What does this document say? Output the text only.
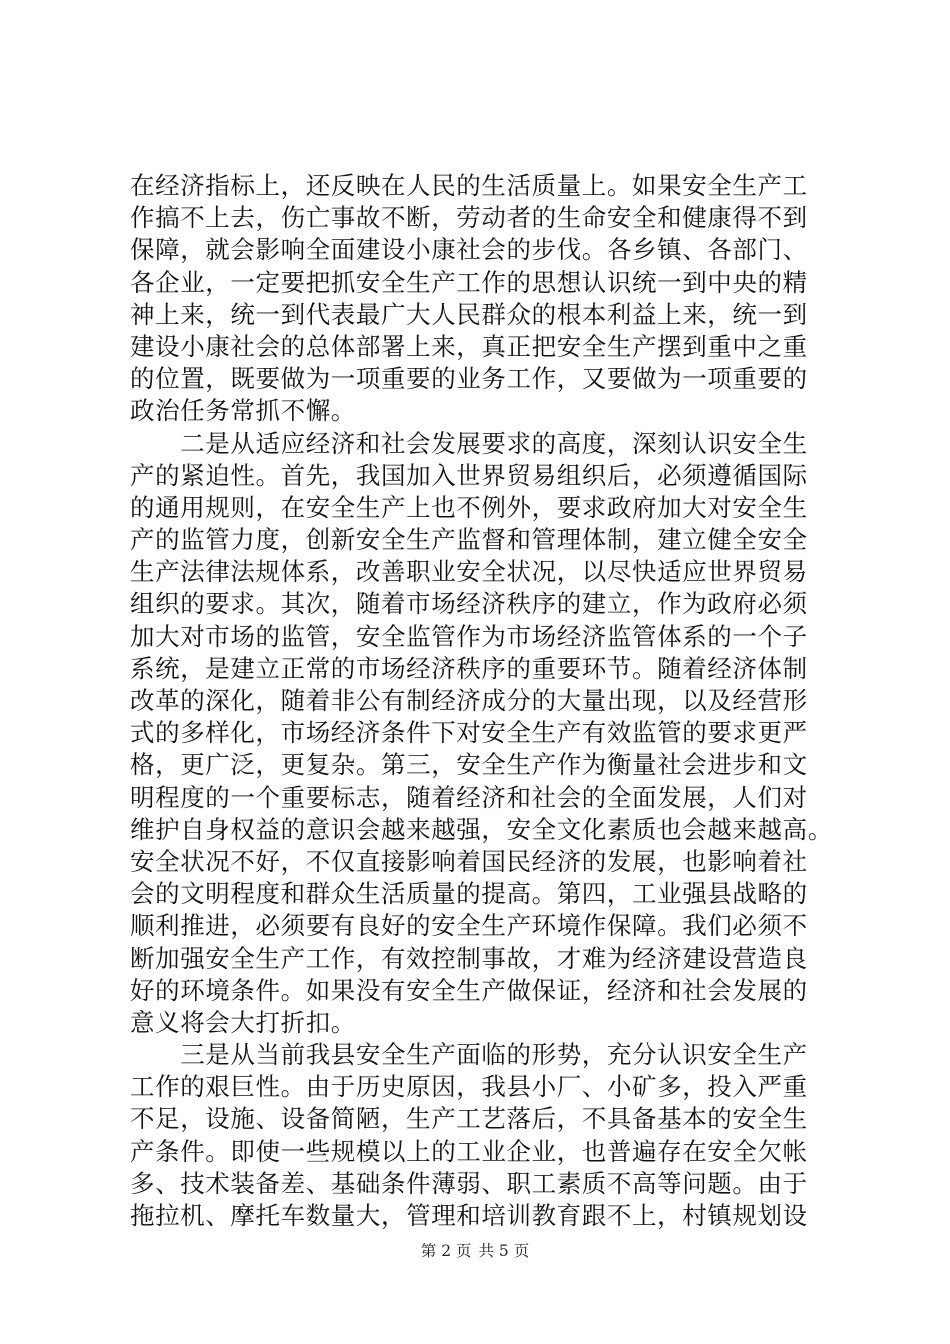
在经济指标上，还反映在人民的生活质量上。如果安全生产工
作搞不上去，伤亡事故不断，劳动者的生命安全和健康得不到
保障，就会影响全面建设小康社会的步伐。各乡镇、各部门、
各企业，一定要把抓安全生产工作的思想认识统一到中央的精
神上来，统一到代表最广大人民群众的根本利益上来，统一到
建设小康社会的总体部署上来，真正把安全生产摆到重中之重
的位置，既要做为一项重要的业务工作，又要做为一项重要的
政治任务常抓不懈。
　　二是从适应经济和社会发展要求的高度，深刻认识安全生
产的紧迫性。首先，我国加入世界贸易组织后，必须遵循国际
的通用规则，在安全生产上也不例外，要求政府加大对安全生
产的监管力度，创新安全生产监督和管理体制，建立健全安全
生产法律法规体系，改善职业安全状况，以尽快适应世界贸易
组织的要求。其次，随着市场经济秩序的建立，作为政府必须
加大对市场的监管，安全监管作为市场经济监管体系的一个子
系统，是建立正常的市场经济秩序的重要环节。随着经济体制
改革的深化，随着非公有制经济成分的大量出现，以及经营形
式的多样化，市场经济条件下对安全生产有效监管的要求更严
格，更广泛，更复杂。第三，安全生产作为衡量社会进步和文
明程度的一个重要标志，随着经济和社会的全面发展，人们对
维护自身权益的意识会越来越强，安全文化素质也会越来越高。
安全状况不好，不仅直接影响着国民经济的发展，也影响着社
会的文明程度和群众生活质量的提高。第四，工业强县战略的
顺利推进，必须要有良好的安全生产环境作保障。我们必须不
断加强安全生产工作，有效控制事故，才难为经济建设营造良
好的环境条件。如果没有安全生产做保证，经济和社会发展的
意义将会大打折扣。
　　三是从当前我县安全生产面临的形势，充分认识安全生产
工作的艰巨性。由于历史原因，我县小厂、小矿多，投入严重
不足，设施、设备简陋，生产工艺落后，不具备基本的安全生
产条件。即使一些规模以上的工业企业，也普遍存在安全欠帐
多、技术装备差、基础条件薄弱、职工素质不高等问题。由于
拖拉机、摩托车数量大，管理和培训教育跟不上，村镇规划设
第 2 页 共 5 页
